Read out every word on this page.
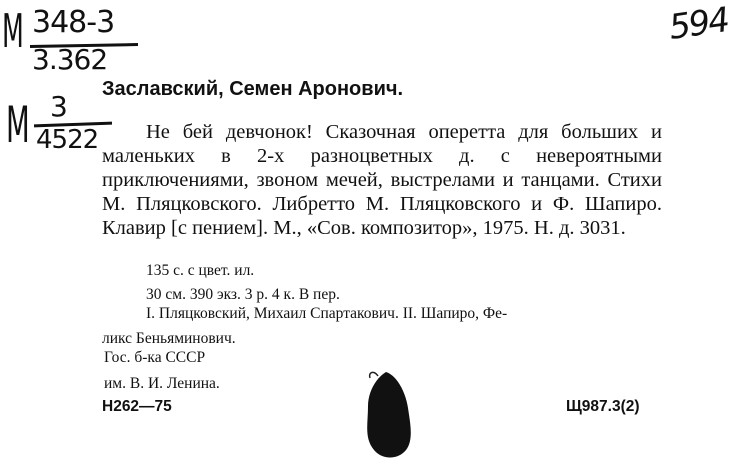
M 348-3
3.362
M 3
4522
594
Заславский, Семен Аронович.

Не бей девчонок! Сказочная оперетта для больших и маленьких в 2-х разноцветных д. с невероятными приключениями, звоном мечей, выстрелами и танцами. Стихи М. Пляцковского. Либретто М. Пляцковского и Ф. Шапиро. Клавир [с пением]. М., «Сов. композитор», 1975. Н. д. 3031.

135 с. с цвет. ил.
30 см. 390 экз. 3 р. 4 к. В пер.
I. Пляцковский, Михаил Спартакович. II. Шапиро, Фе-
ликс Беньяминович.
Гос. б-ка СССР
им. В. И. Ленина.
Н262—75	Щ987.3(2)
